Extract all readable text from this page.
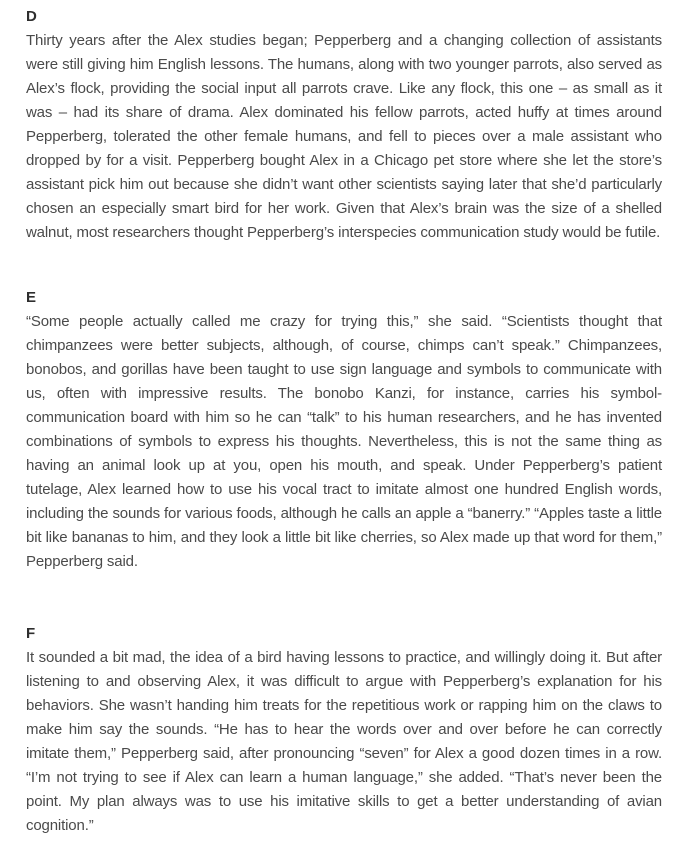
D

Thirty years after the Alex studies began; Pepperberg and a changing collection of assistants were still giving him English lessons. The humans, along with two younger parrots, also served as Alex’s flock, providing the social input all parrots crave. Like any flock, this one – as small as it was – had its share of drama. Alex dominated his fellow parrots, acted huffy at times around Pepperberg, tolerated the other female humans, and fell to pieces over a male assistant who dropped by for a visit. Pepperberg bought Alex in a Chicago pet store where she let the store’s assistant pick him out because she didn’t want other scientists saying later that she’d particularly chosen an especially smart bird for her work. Given that Alex’s brain was the size of a shelled walnut, most researchers thought Pepperberg’s interspecies communication study would be futile.

E

“Some people actually called me crazy for trying this,” she said. “Scientists thought that chimpanzees were better subjects, although, of course, chimps can’t speak.” Chimpanzees, bonobos, and gorillas have been taught to use sign language and symbols to communicate with us, often with impressive results. The bonobo Kanzi, for instance, carries his symbol-communication board with him so he can “talk” to his human researchers, and he has invented combinations of symbols to express his thoughts. Nevertheless, this is not the same thing as having an animal look up at you, open his mouth, and speak. Under Pepperberg’s patient tutelage, Alex learned how to use his vocal tract to imitate almost one hundred English words, including the sounds for various foods, although he calls an apple a “banerry.” “Apples taste a little bit like bananas to him, and they look a little bit like cherries, so Alex made up that word for them,” Pepperberg said.

F

It sounded a bit mad, the idea of a bird having lessons to practice, and willingly doing it. But after listening to and observing Alex, it was difficult to argue with Pepperberg’s explanation for his behaviors. She wasn’t handing him treats for the repetitious work or rapping him on the claws to make him say the sounds. “He has to hear the words over and over before he can correctly imitate them,” Pepperberg said, after pronouncing “seven” for Alex a good dozen times in a row. “I’m not trying to see if Alex can learn a human language,” she added. “That’s never been the point. My plan always was to use his imitative skills to get a better understanding of avian cognition.”
